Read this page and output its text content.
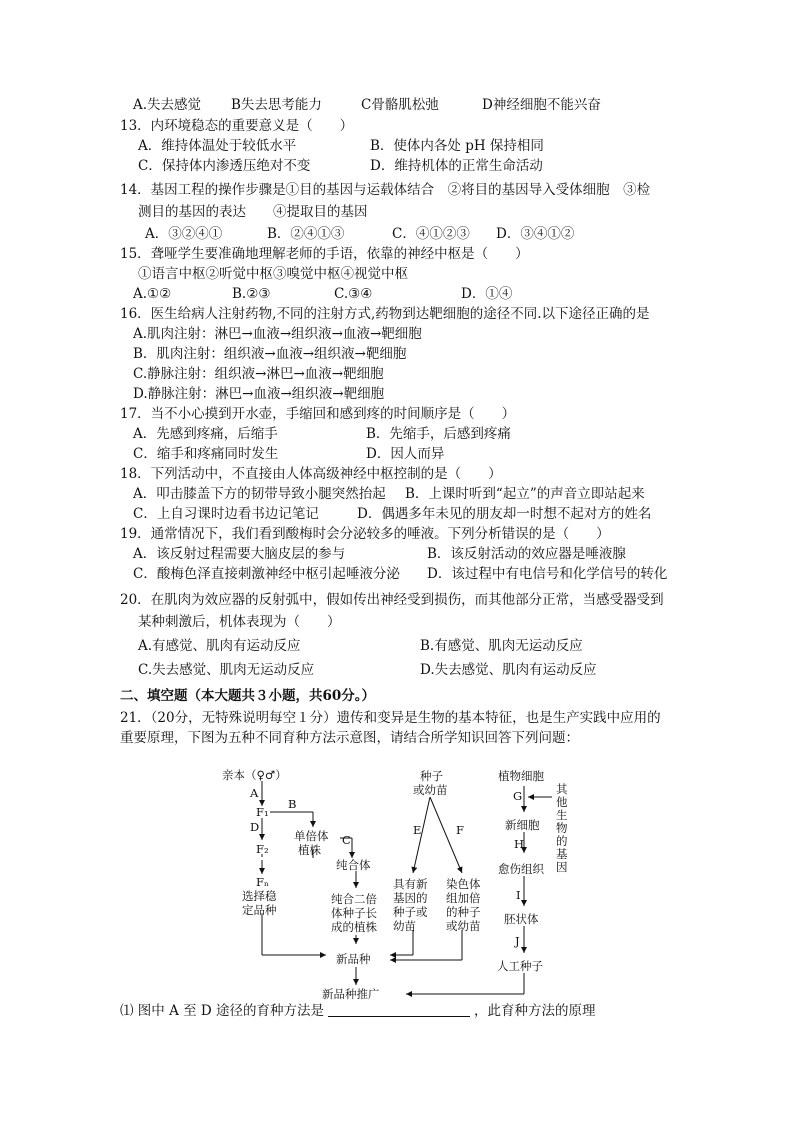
A.失去感觉 B失去思考能力	C骨骼肌松弛	D神经细胞不能兴奋
13．内环境稳态的重要意义是（　　）
A．维持体温处于较低水平	B．使体内各处 pH 保持相同
C．保持体内渗透压绝对不变	D．维持机体的正常生命活动
14．基因工程的操作步骤是①目的基因与运载体结合　②将目的基因导入受体细胞　③检
测目的基因的表达　　④提取目的基因
A．③②④①	B．②④①③	C．④①②③ D．③④①②
15．聋哑学生要准确地理解老师的手语，依靠的神经中枢是（　　）
①语言中枢②听觉中枢③嗅觉中枢④视觉中枢
A.①②	B.②③	C.③④	D．①④
16．医生给病人注射药物,不同的注射方式,药物到达靶细胞的途径不同.以下途径正确的是
A.肌肉注射：淋巴→血液→组织液→血液→靶细胞
B．肌肉注射：组织液→血液→组织液→靶细胞
C.静脉注射：组织液→淋巴→血液→靶细胞
D.静脉注射：淋巴→血液→组织液→靶细胞
17．当不小心摸到开水壶，手缩回和感到疼的时间顺序是（　　）
A．先感到疼痛，后缩手	B．先缩手，后感到疼痛
C．缩手和疼痛同时发生	D．因人而异
18．下列活动中，不直接由人体高级神经中枢控制的是（　　）
A．叩击膝盖下方的韧带导致小腿突然抬起 B．上课时听到“起立”的声音立即站起来
C．上自习课时边看书边记笔记	D．偶遇多年未见的朋友却一时想不起对方的姓名
19．通常情况下，我们看到酸梅时会分泌较多的唾液。下列分析错误的是（　　）
A．该反射过程需要大脑皮层的参与	B．该反射活动的效应器是唾液腺
C．酸梅色泽直接刺激神经中枢引起唾液分泌 D．该过程中有电信号和化学信号的转化
20．在肌肉为效应器的反射弧中，假如传出神经受到损伤，而其他部分正常，当感受器受到
某种刺激后，机体表现为（　　）
A.有感觉、肌肉有运动反应	B.有感觉、肌肉无运动反应
C.失去感觉、肌肉无运动反应	D.失去感觉、肌肉有运动反应
二、填空题（本大题共３小题，共60分。）
21．（20分，无特殊说明每空１分）遗传和变异是生物的基本特征，也是生产实践中应用的
重要原理，下图为五种不同育种方法示意图，请结合所学知识回答下列问题：
亲本（♀♂）
A
F₁
B
D
F₂
Fₙ
选择稳
定品种
单倍体
植株
C
纯合体
纯合二倍
体种子长
成的植株
新品种
种子
或幼苗
E	F
具有新
基因的
种子或
幼苗
染色体
组加倍
的种子
或幼苗
植物细胞
G	其
他
生
物
的
基
因
新细胞
H
愈伤组织
I
胚状体
J
人工种子
新品种推广
⑴ 图中 A 至 D 途径的育种方法是	，此育种方法的原理
